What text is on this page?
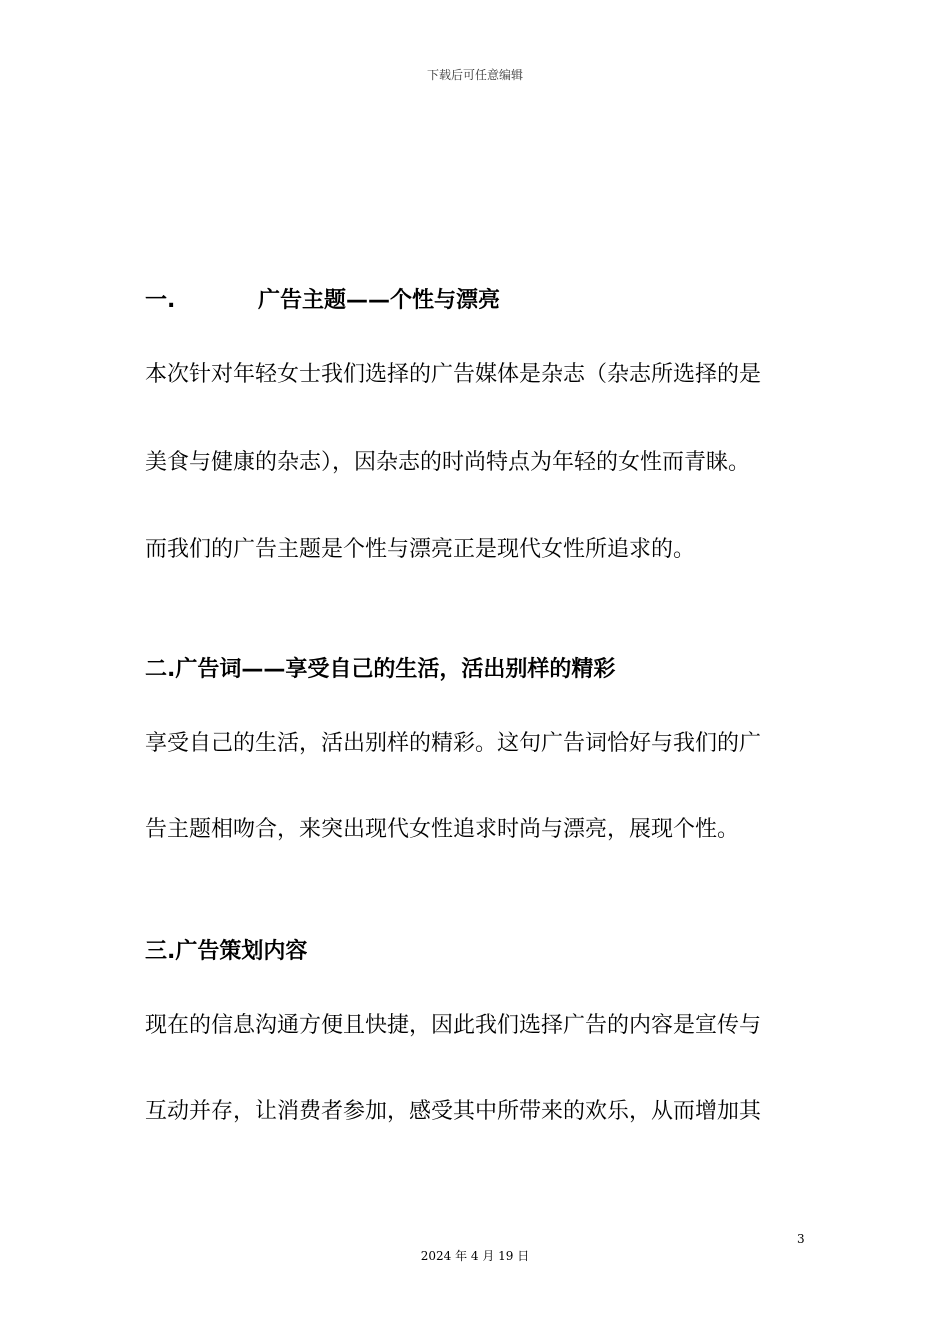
下载后可任意编辑
一.	广告主题——个性与漂亮
本次针对年轻女士我们选择的广告媒体是杂志（杂志所选择的是
美食与健康的杂志），因杂志的时尚特点为年轻的女性而青睐。
而我们的广告主题是个性与漂亮正是现代女性所追求的。
二.广告词——享受自己的生活，活出别样的精彩
享受自己的生活，活出别样的精彩。这句广告词恰好与我们的广
告主题相吻合，来突出现代女性追求时尚与漂亮，展现个性。
三.广告策划内容
现在的信息沟通方便且快捷，因此我们选择广告的内容是宣传与
互动并存，让消费者参加，感受其中所带来的欢乐，从而增加其
3
2024 年 4 月 19 日
